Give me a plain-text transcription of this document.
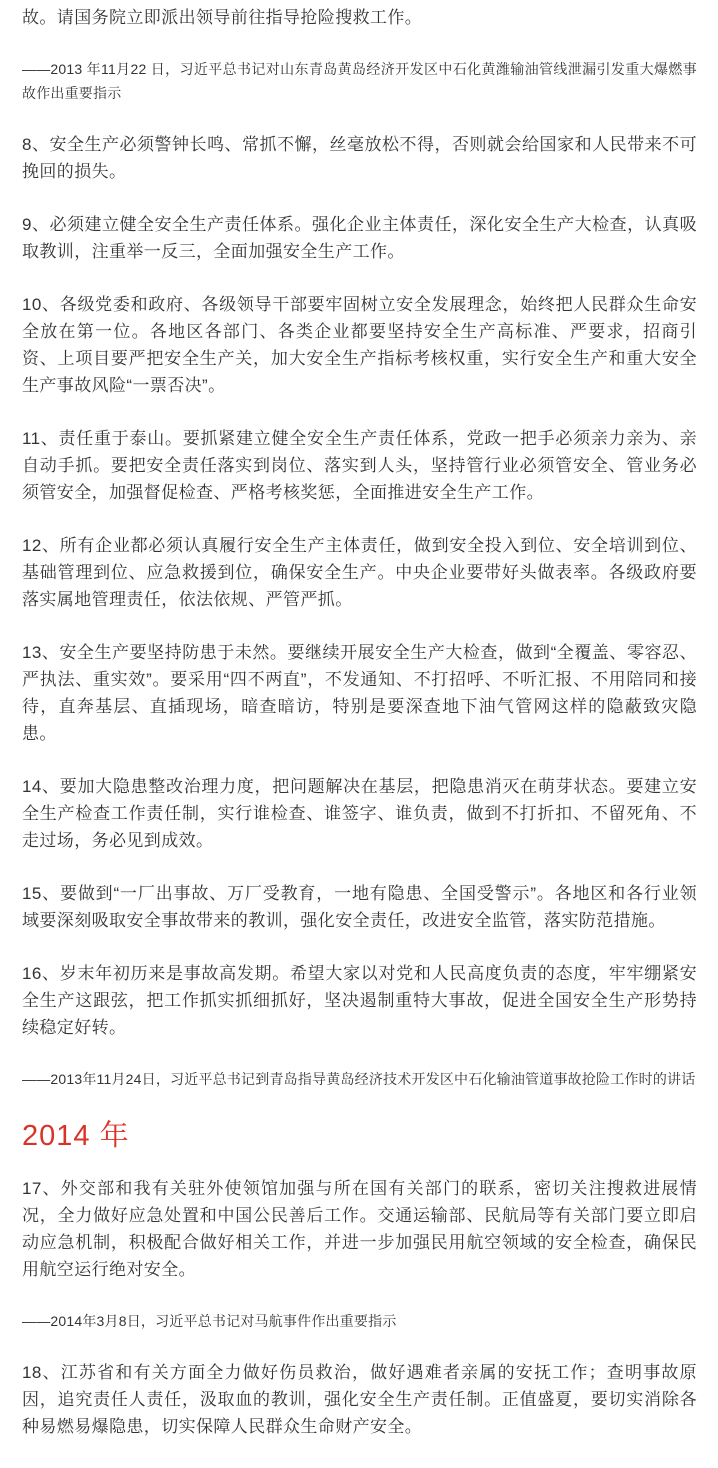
故。请国务院立即派出领导前往指导抢险搜救工作。

——2013 年11月22 日，习近平总书记对山东青岛黄岛经济开发区中石化黄潍输油管线泄漏引发重大爆燃事故作出重要指示

8、安全生产必须警钟长鸣、常抓不懈，丝毫放松不得，否则就会给国家和人民带来不可挽回的损失。

9、必须建立健全安全生产责任体系。强化企业主体责任，深化安全生产大检查，认真吸取教训，注重举一反三，全面加强安全生产工作。

10、各级党委和政府、各级领导干部要牢固树立安全发展理念，始终把人民群众生命安全放在第一位。各地区各部门、各类企业都要坚持安全生产高标准、严要求，招商引资、上项目要严把安全生产关，加大安全生产指标考核权重，实行安全生产和重大安全生产事故风险“一票否决”。

11、责任重于泰山。要抓紧建立健全安全生产责任体系，党政一把手必须亲力亲为、亲自动手抓。要把安全责任落实到岗位、落实到人头，坚持管行业必须管安全、管业务必须管安全，加强督促检查、严格考核奖惩，全面推进安全生产工作。

12、所有企业都必须认真履行安全生产主体责任，做到安全投入到位、安全培训到位、基础管理到位、应急救援到位，确保安全生产。中央企业要带好头做表率。各级政府要落实属地管理责任，依法依规、严管严抓。

13、安全生产要坚持防患于未然。要继续开展安全生产大检查，做到“全覆盖、零容忍、严执法、重实效”。要采用“四不两直”，不发通知、不打招呼、不听汇报、不用陪同和接待，直奔基层、直插现场，暗查暗访，特别是要深查地下油气管网这样的隐蔽致灾隐患。

14、要加大隐患整改治理力度，把问题解决在基层，把隐患消灭在萌芽状态。要建立安全生产检查工作责任制，实行谁检查、谁签字、谁负责，做到不打折扣、不留死角、不走过场，务必见到成效。

15、要做到“一厂出事故、万厂受教育，一地有隐患、全国受警示”。各地区和各行业领域要深刻吸取安全事故带来的教训，强化安全责任，改进安全监管，落实防范措施。

16、岁末年初历来是事故高发期。希望大家以对党和人民高度负责的态度，牢牢绷紧安全生产这跟弦，把工作抓实抓细抓好，坚决遏制重特大事故，促进全国安全生产形势持续稳定好转。

——2013年11月24日，习近平总书记到青岛指导黄岛经济技术开发区中石化输油管道事故抢险工作时的讲话

2014 年

17、外交部和我有关驻外使领馆加强与所在国有关部门的联系，密切关注搜救进展情况，全力做好应急处置和中国公民善后工作。交通运输部、民航局等有关部门要立即启动应急机制，积极配合做好相关工作，并进一步加强民用航空领域的安全检查，确保民用航空运行绝对安全。

——2014年3月8日，习近平总书记对马航事件作出重要指示

18、江苏省和有关方面全力做好伤员救治，做好遇难者亲属的安抚工作；查明事故原因，追究责任人责任，汲取血的教训，强化安全生产责任制。正值盛夏，要切实消除各种易燃易爆隐患，切实保障人民群众生命财产安全。
